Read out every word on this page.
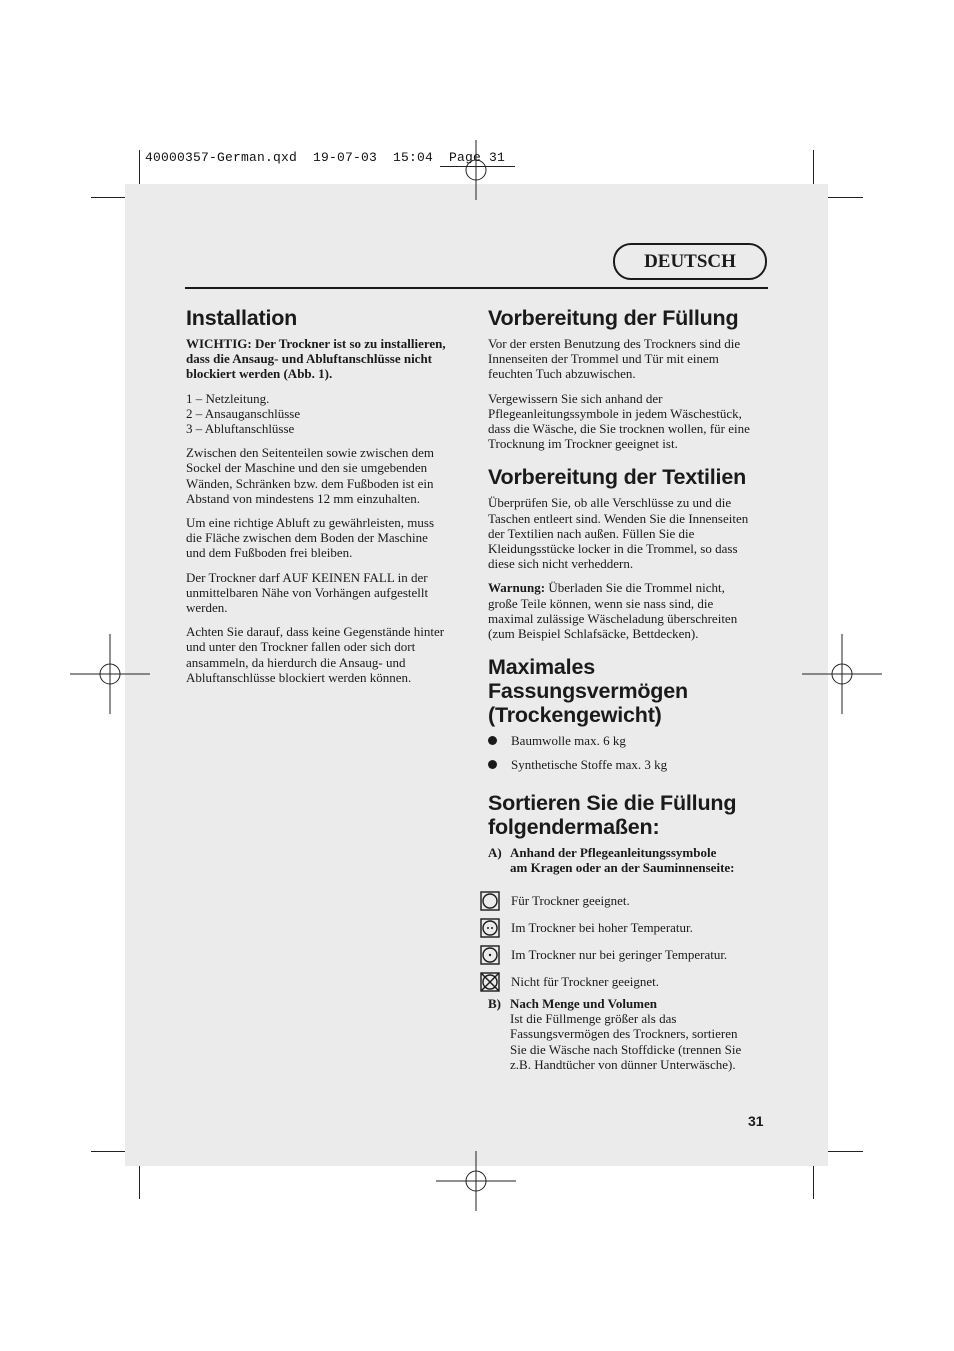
40000357-German.qxd  19-07-03  15:04  Page 31
DEUTSCH
Installation

WICHTIG: Der Trockner ist so zu installieren,
dass die Ansaug- und Abluftanschlüsse nicht
blockiert werden (Abb. 1).

1 – Netzleitung.
2 – Ansauganschlüsse
3 – Abluftanschlüsse

Zwischen den Seitenteilen sowie zwischen dem
Sockel der Maschine und den sie umgebenden
Wänden, Schränken bzw. dem Fußboden ist ein
Abstand von mindestens 12 mm einzuhalten.

Um eine richtige Abluft zu gewährleisten, muss
die Fläche zwischen dem Boden der Maschine
und dem Fußboden frei bleiben.

Der Trockner darf AUF KEINEN FALL in der
unmittelbaren Nähe von Vorhängen aufgestellt
werden.

Achten Sie darauf, dass keine Gegenstände hinter
und unter den Trockner fallen oder sich dort
ansammeln, da hierdurch die Ansaug- und
Abluftanschlüsse blockiert werden können.

Vorbereitung der Füllung

Vor der ersten Benutzung des Trockners sind die
Innenseiten der Trommel und Tür mit einem
feuchten Tuch abzuwischen.

Vergewissern Sie sich anhand der
Pflegeanleitungssymbole in jedem Wäschestück,
dass die Wäsche, die Sie trocknen wollen, für eine
Trocknung im Trockner geeignet ist.

Vorbereitung der Textilien

Überprüfen Sie, ob alle Verschlüsse zu und die
Taschen entleert sind. Wenden Sie die Innenseiten
der Textilien nach außen. Füllen Sie die
Kleidungsstücke locker in die Trommel, so dass
diese sich nicht verheddern.

Warnung: Überladen Sie die Trommel nicht,
große Teile können, wenn sie nass sind, die
maximal zulässige Wäscheladung überschreiten
(zum Beispiel Schlafsäcke, Bettdecken).

Maximales
Fassungsvermögen
(Trockengewicht)
Baumwolle max. 6 kg
Synthetische Stoffe max. 3 kg
Sortieren Sie die Füllung
folgendermaßen:
A) Anhand der Pflegeanleitungssymbole
am Kragen oder an der Sauminnenseite:
Für Trockner geeignet.
Im Trockner bei hoher Temperatur.
Im Trockner nur bei geringer Temperatur.
Nicht für Trockner geeignet.
B) Nach Menge und Volumen
Ist die Füllmenge größer als das
Fassungsvermögen des Trockners, sortieren
Sie die Wäsche nach Stoffdicke (trennen Sie
z.B. Handtücher von dünner Unterwäsche).
31
